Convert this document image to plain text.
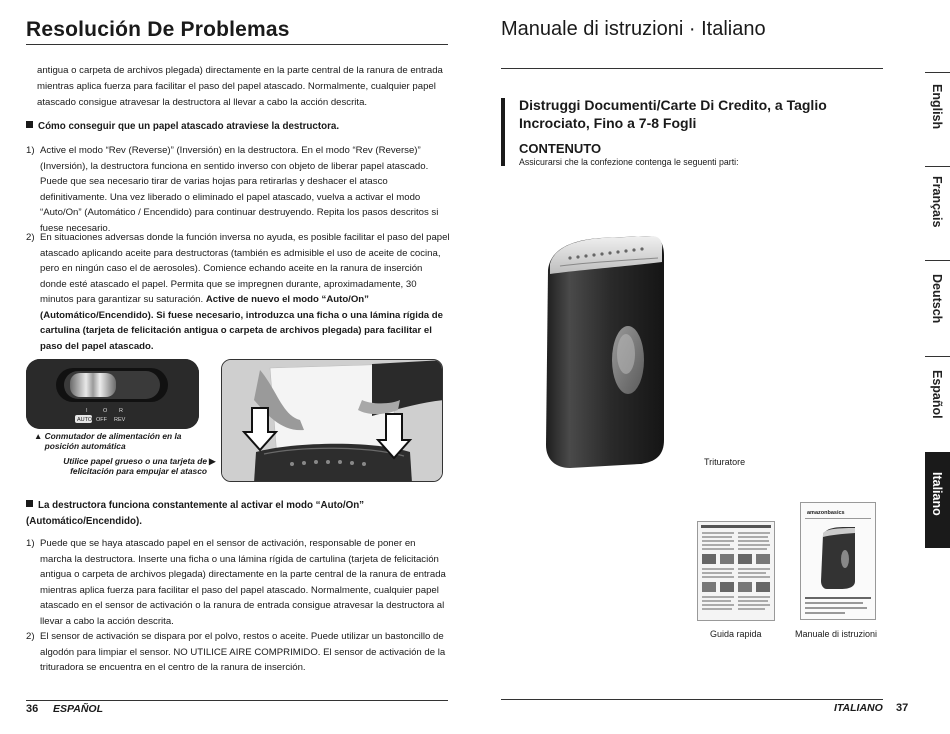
Resolución De Problemas
antigua o carpeta de archivos plegada) directamente en la parte central de la ranura de entrada mientras aplica fuerza para facilitar el paso del papel atascado. Normalmente, cualquier papel atascado consigue atravesar la destructora al llevar a cabo la acción descrita.
Cómo conseguir que un papel atascado atraviese la destructora.
1) Active el modo “Rev (Reverse)” (Inversión) en la destructora. En el modo “Rev (Reverse)” (Inversión), la destructora funciona en sentido inverso con objeto de liberar papel atascado. Puede que sea necesario tirar de varias hojas para retirarlas y deshacer el atasco definitivamente. Una vez liberado o eliminado el papel atascado, vuelva a activar el modo “Auto/On” (Automático / Encendido) para continuar destruyendo. Repita los pasos descritos si fuese necesario.
2) En situaciones adversas donde la función inversa no ayuda, es posible facilitar el paso del papel atascado aplicando aceite para destructoras (también es admisible el uso de aceite de cocina, pero en ningún caso el de aerosoles). Comience echando aceite en la ranura de inserción donde esté atascado el papel. Permita que se impregnen durante, aproximadamente, 30 minutos para garantizar su saturación. Active de nuevo el modo “Auto/On” (Automático/Encendido). Si fuese necesario, introduzca una ficha o una lámina rígida de cartulina (tarjeta de felicitación antigua o carpeta de archivos plegada) para facilitar el paso del papel atascado.
I	O R
AUTO OFF REV
▲ Conmutador de alimentación en la posición automática
Utilice papel grueso o una tarjeta de felicitación para empujar el atasco
▶
La destructora funciona constantemente al activar el modo “Auto/On” (Automático/Encendido).
1) Puede que se haya atascado papel en el sensor de activación, responsable de poner en marcha la destructora. Inserte una ficha o una lámina rígida de cartulina (tarjeta de felicitación antigua o carpeta de archivos plegada) directamente en la parte central de la ranura de entrada mientras aplica fuerza para facilitar el paso del papel atascado. Normalmente, cualquier papel atascado en el sensor de activación o la ranura de entrada consigue atravesar la destructora al llevar a cabo la acción descrita.
2) El sensor de activación se dispara por el polvo, restos o aceite. Puede utilizar un bastoncillo de algodón para limpiar el sensor. NO UTILICE AIRE COMPRIMIDO. El sensor de activación de la trituradora se encuentra en el centro de la ranura de inserción.
36 ESPAÑOL
Manuale di istruzioni · Italiano
Distruggi Documenti/Carte Di Credito, a Taglio Incrociato, Fino a 7-8 Fogli
CONTENUTO
Assicurarsi che la confezione contenga le seguenti parti:
Trituratore
amazonbasics
Guida rapida	Manuale di istruzioni
ITALIANO 37
English
Français
Deutsch
Español
Italiano
